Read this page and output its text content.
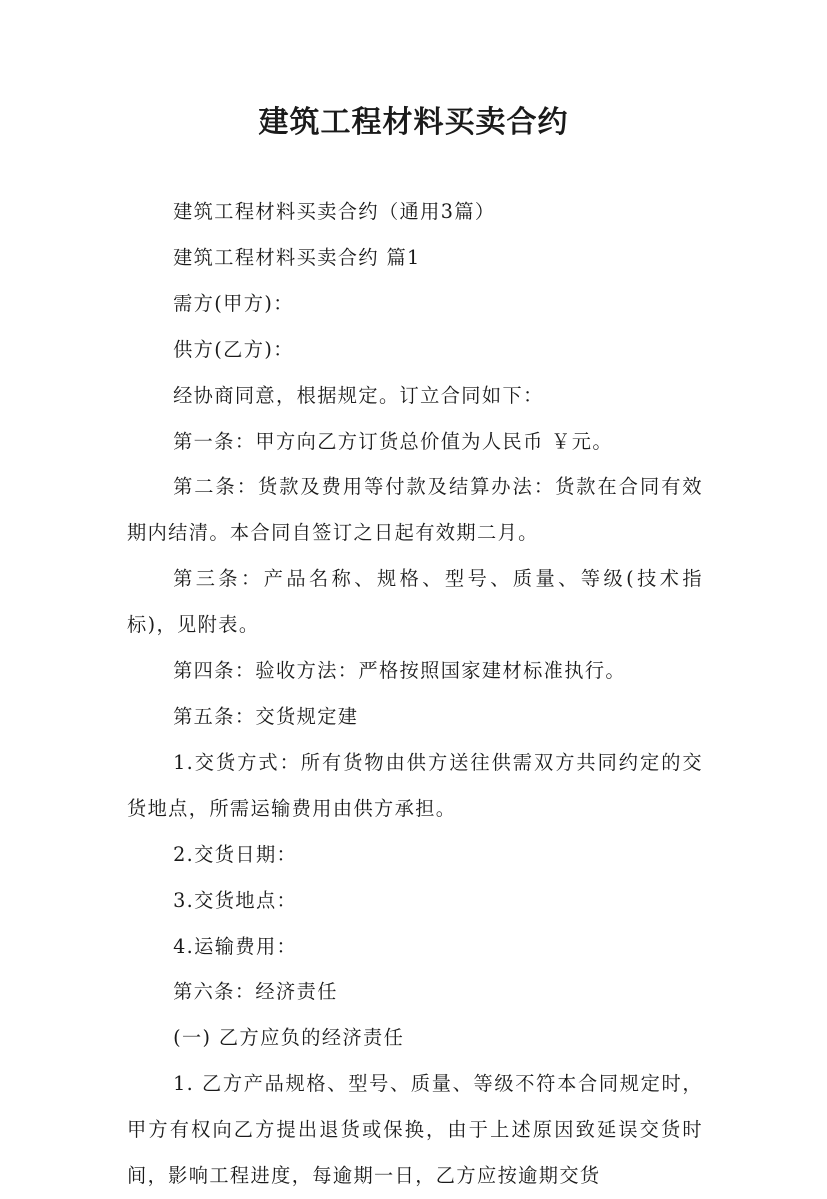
建筑工程材料买卖合约

建筑工程材料买卖合约（通用3篇）

建筑工程材料买卖合约 篇1

需方(甲方)：

供方(乙方)：

经协商同意，根据规定。订立合同如下：

第一条：甲方向乙方订货总价值为人民币 ￥元。

第二条：货款及费用等付款及结算办法：货款在合同有效期内结清。本合同自签订之日起有效期二月。

第三条：产品名称、规格、型号、质量、等级(技术指标)，见附表。

第四条：验收方法：严格按照国家建材标准执行。

第五条：交货规定建

1.交货方式：所有货物由供方送往供需双方共同约定的交货地点，所需运输费用由供方承担。

2.交货日期：

3.交货地点：

4.运输费用：

第六条：经济责任

(一) 乙方应负的经济责任

1. 乙方产品规格、型号、质量、等级不符本合同规定时，甲方有权向乙方提出退货或保换，由于上述原因致延误交货时间，影响工程进度，每逾期一日，乙方应按逾期交货
